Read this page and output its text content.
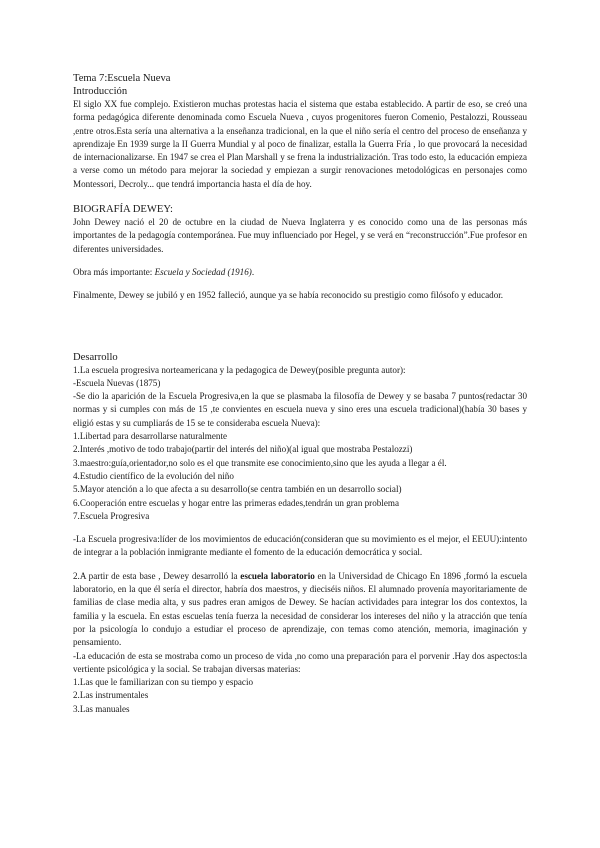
Tema 7:Escuela Nueva
Introducción

El siglo XX fue complejo. Existieron muchas protestas hacia el sistema que estaba establecido. A partir de eso, se creó una forma pedagógica diferente denominada como Escuela Nueva , cuyos progenitores fueron Comenio, Pestalozzi, Rousseau ,entre otros.Esta sería una alternativa a la enseñanza tradicional, en la que el niño sería el centro del proceso de enseñanza y aprendizaje En 1939 surge la II Guerra Mundial y al poco de finalizar, estalla la Guerra Fría , lo que provocará la necesidad de internacionalizarse. En 1947 se crea el Plan Marshall y se frena la industrialización. Tras todo esto, la educación empieza a verse como un método para mejorar la sociedad y empiezan a surgir renovaciones metodológicas en personajes como Montessori, Decroly... que tendrá importancia hasta el día de hoy.

BIOGRAFÍA DEWEY:

John Dewey nació el 20 de octubre en la ciudad de Nueva Inglaterra y es conocido como una de las personas más importantes de la pedagogía contemporánea. Fue muy influenciado por Hegel, y se verá en “reconstrucción”.Fue profesor en diferentes universidades.

Obra más importante: Escuela y Sociedad (1916).

Finalmente, Dewey se jubiló y en 1952 falleció, aunque ya se había reconocido su prestigio como filósofo y educador.

Desarrollo

1.La escuela progresiva norteamericana y la pedagogica de Dewey(posible pregunta autor):

-Escuela Nuevas (1875)

-Se dio la aparición de la Escuela Progresiva,en la que se plasmaba la filosofía de Dewey y se basaba 7 puntos(redactar 30 normas y si cumples con más de 15 ,te convientes en escuela nueva y sino eres una escuela tradicional)(había 30 bases y eligió estas y su cumpliarás de 15 se te consideraba escuela Nueva):

1.Libertad para desarrollarse naturalmente
2.Interés ,motivo de todo trabajo(partir del interés del niño)(al igual que mostraba Pestalozzi)
3.maestro:guía,orientador,no solo es el que transmite ese conocimiento,sino que les ayuda a llegar a él.
4.Estudio científico de la evolución del niño
5.Mayor atención a lo que afecta a su desarrollo(se centra también en un desarrollo social)
6.Cooperación entre escuelas y hogar entre las primeras edades,tendrán un gran problema
7.Escuela Progresiva

-La Escuela progresiva:líder de los movimientos de educación(consideran que su movimiento es el mejor, el EEUU):intento de integrar a la población inmigrante mediante el fomento de la educación democrática y social.

2.A partir de esta base , Dewey desarrolló la escuela laboratorio en la Universidad de Chicago En 1896 ,formó la escuela laboratorio, en la que él sería el director, habría dos maestros, y dieciséis niños. El alumnado provenía mayoritariamente de familias de clase media alta, y sus padres eran amigos de Dewey. Se hacían actividades para integrar los dos contextos, la familia y la escuela. En estas escuelas tenía fuerza la necesidad de considerar los intereses del niño y la atracción que tenía por la psicología lo condujo a estudiar el proceso de aprendizaje, con temas como atención, memoria, imaginación y pensamiento.

-La educación de esta se mostraba como un proceso de vida ,no como una preparación para el porvenir .Hay dos aspectos:la vertiente psicológica y la social. Se trabajan diversas materias:

1.Las que le familiarizan con su tiempo y espacio
2.Las instrumentales
3.Las manuales
